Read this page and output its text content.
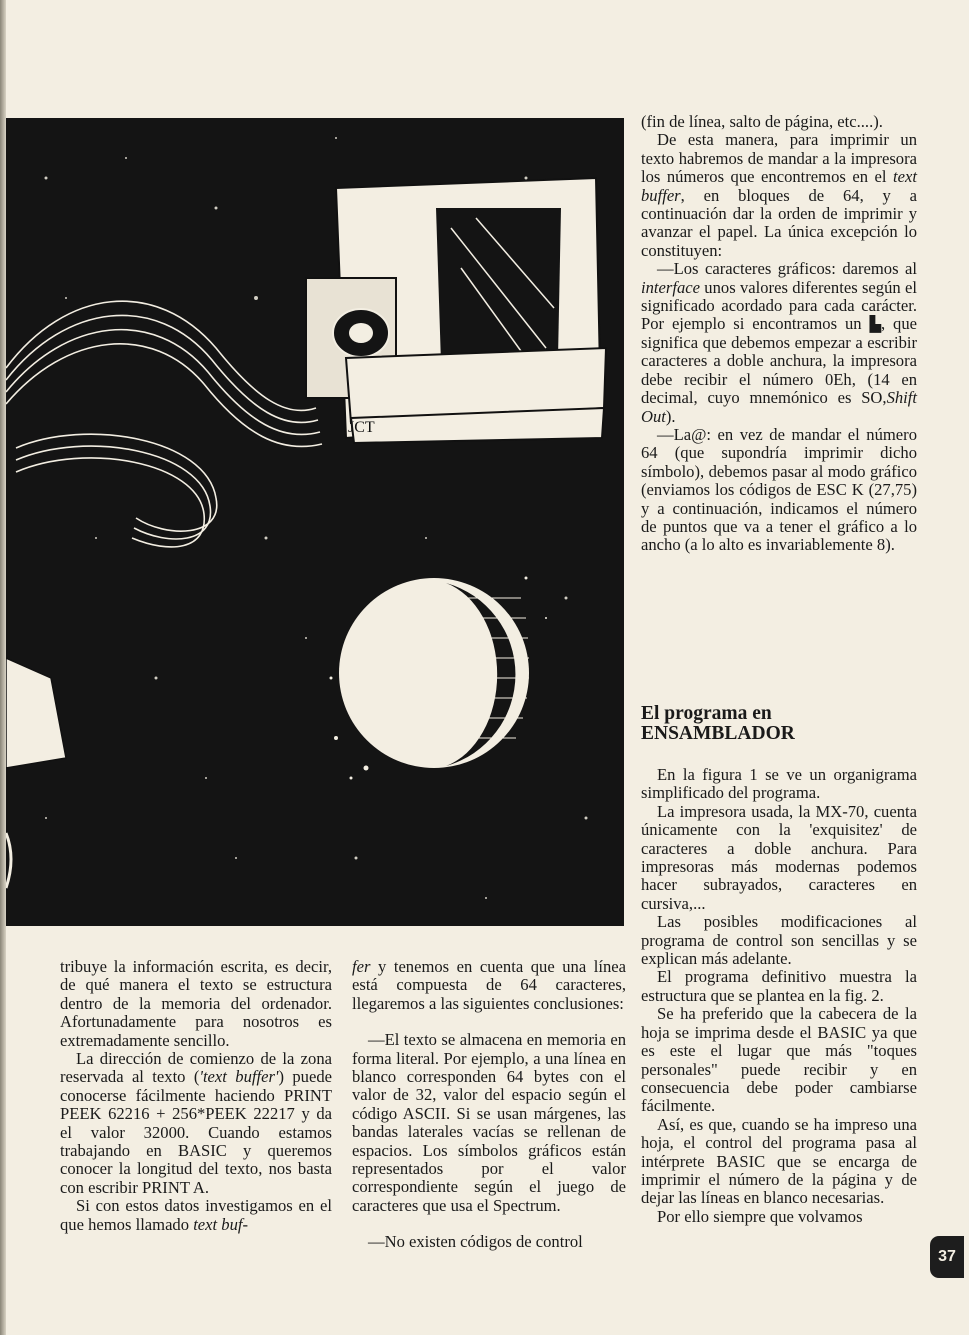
JCT

tribuye la información escrita, es decir, de qué manera el texto se estructura dentro de la memoria del ordenador. Afortunadamente para nosotros es extremadamente sencillo.

La dirección de comienzo de la zona reservada al texto ('text buffer') puede conocerse fácilmente haciendo PRINT PEEK 62216 + 256*PEEK 22217 y da el valor 32000. Cuando estamos trabajando en BASIC y queremos conocer la longitud del texto, nos basta con escribir PRINT A.

Si con estos datos investigamos en el que hemos llamado text buf-

fer y tenemos en cuenta que una línea está compuesta de 64 caracteres, llegaremos a las siguientes conclusiones:

—El texto se almacena en memoria en forma literal. Por ejemplo, a una línea en blanco corresponden 64 bytes con el valor de 32, valor del espacio según el código ASCII. Si se usan márgenes, las bandas laterales vacías se rellenan de espacios. Los símbolos gráficos están representados por el valor correspondiente según el juego de caracteres que usa el Spectrum.

—No existen códigos de control

(fin de línea, salto de página, etc....).

De esta manera, para imprimir un texto habremos de mandar a la impresora los números que encontremos en el text buffer, en bloques de 64, y a continuación dar la orden de imprimir y avanzar el papel. La única excepción lo constituyen:

—Los caracteres gráficos: daremos al interface unos valores diferentes según el significado acordado para cada carácter. Por ejemplo si encontramos un ▙, que significa que debemos empezar a escribir caracteres a doble anchura, la impresora debe recibir el número 0Eh, (14 en decimal, cuyo mnemónico es SO,Shift Out).

—La@: en vez de mandar el número 64 (que supondría imprimir dicho símbolo), debemos pasar al modo gráfico (enviamos los códigos de ESC K (27,75) y a continuación, indicamos el número de puntos que va a tener el gráfico a lo ancho (a lo alto es invariablemente 8).

El programa en ENSAMBLADOR

En la figura 1 se ve un organigrama simplificado del programa.

La impresora usada, la MX-70, cuenta únicamente con la 'exquisitez' de caracteres a doble anchura. Para impresoras más modernas podemos hacer subrayados, caracteres en cursiva,...

Las posibles modificaciones al programa de control son sencillas y se explican más adelante.

El programa definitivo muestra la estructura que se plantea en la fig. 2.

Se ha preferido que la cabecera de la hoja se imprima desde el BASIC ya que es este el lugar que más "toques personales" puede recibir y en consecuencia debe poder cambiarse fácilmente.

Así, es que, cuando se ha impreso una hoja, el control del programa pasa al intérprete BASIC que se encarga de imprimir el número de la página y de dejar las líneas en blanco necesarias.

Por ello siempre que volvamos

37
